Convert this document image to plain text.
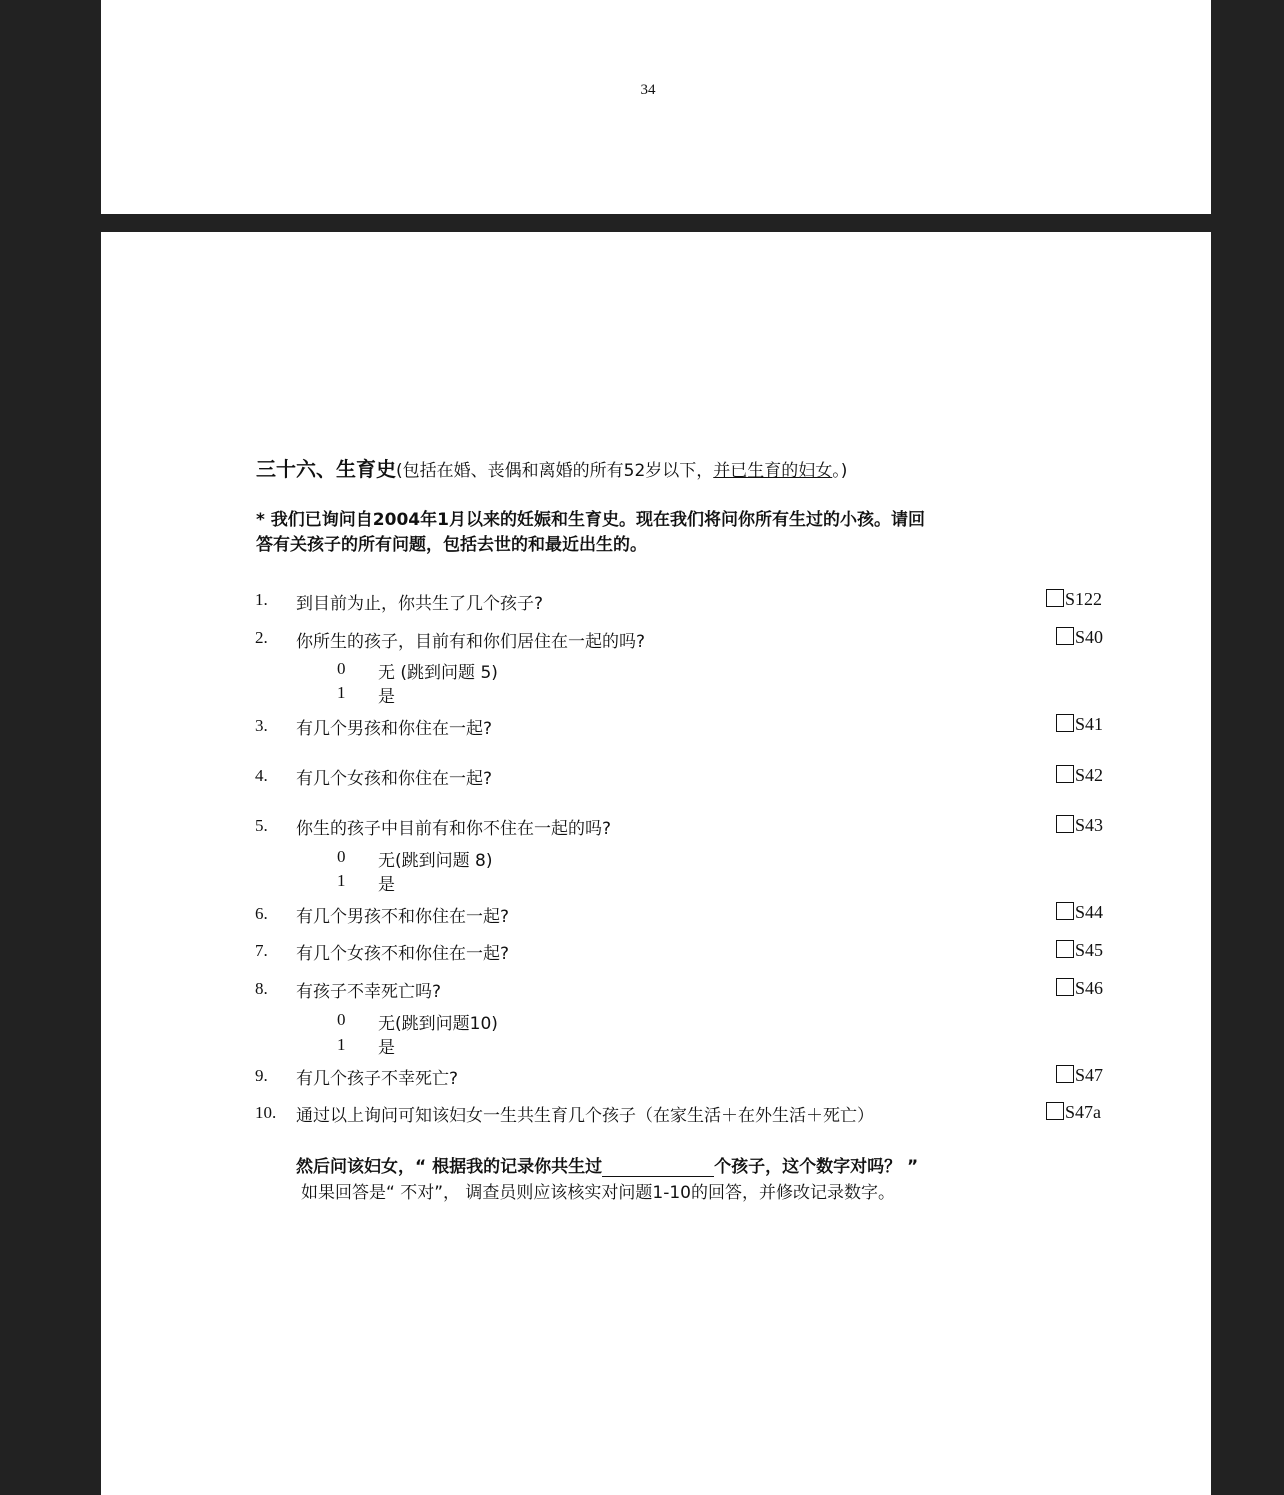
34
三十六、生育史(包括在婚、丧偶和离婚的所有52岁以下，并已生育的妇女。)
* 我们已询问自2004年1月以来的妊娠和生育史。现在我们将问你所有生过的小孩。请回
答有关孩子的所有问题，包括去世的和最近出生的。
1. 到目前为止，你共生了几个孩子?	S122
2. 你所生的孩子，目前有和你们居住在一起的吗?	S40
0 无 (跳到问题 5)
1 是
3. 有几个男孩和你住在一起?	S41
4. 有几个女孩和你住在一起?	S42
5. 你生的孩子中目前有和你不住在一起的吗?	S43
0 无(跳到问题 8)
1 是
6. 有几个男孩不和你住在一起?	S44
7. 有几个女孩不和你住在一起?	S45
8. 有孩子不幸死亡吗?	S46
0 无(跳到问题10)
1 是
9. 有几个孩子不幸死亡?	S47
10. 通过以上询问可知该妇女一生共生育几个孩子（在家生活＋在外生活＋死亡）	S47a
然后问该妇女，“ 根据我的记录你共生过	个孩子，这个数字对吗？ ”
如果回答是“ 不对”， 调查员则应该核实对问题1-10的回答，并修改记录数字。
